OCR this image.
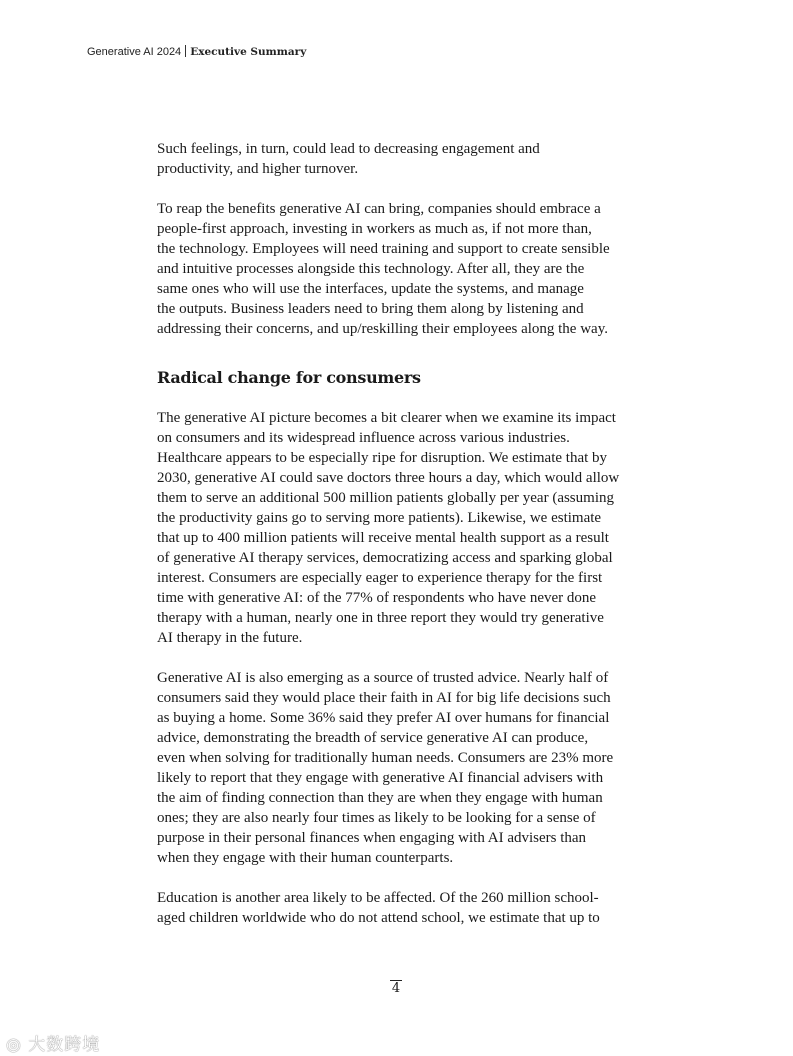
Generative AI 2024 Executive Summary

Such feelings, in turn, could lead to decreasing engagement and
productivity, and higher turnover.

To reap the benefits generative AI can bring, companies should embrace a
people-first approach, investing in workers as much as, if not more than,
the technology. Employees will need training and support to create sensible
and intuitive processes alongside this technology. After all, they are the
same ones who will use the interfaces, update the systems, and manage
the outputs. Business leaders need to bring them along by listening and
addressing their concerns, and up/reskilling their employees along the way.

Radical change for consumers

The generative AI picture becomes a bit clearer when we examine its impact
on consumers and its widespread influence across various industries.
Healthcare appears to be especially ripe for disruption. We estimate that by
2030, generative AI could save doctors three hours a day, which would allow
them to serve an additional 500 million patients globally per year (assuming
the productivity gains go to serving more patients). Likewise, we estimate
that up to 400 million patients will receive mental health support as a result
of generative AI therapy services, democratizing access and sparking global
interest. Consumers are especially eager to experience therapy for the first
time with generative AI: of the 77% of respondents who have never done
therapy with a human, nearly one in three report they would try generative
AI therapy in the future.

Generative AI is also emerging as a source of trusted advice. Nearly half of
consumers said they would place their faith in AI for big life decisions such
as buying a home. Some 36% said they prefer AI over humans for financial
advice, demonstrating the breadth of service generative AI can produce,
even when solving for traditionally human needs. Consumers are 23% more
likely to report that they engage with generative AI financial advisers with
the aim of finding connection than they are when they engage with human
ones; they are also nearly four times as likely to be looking for a sense of
purpose in their personal finances when engaging with AI advisers than
when they engage with their human counterparts.

Education is another area likely to be affected. Of the 260 million school-
aged children worldwide who do not attend school, we estimate that up to

4
◎ 大数跨境
